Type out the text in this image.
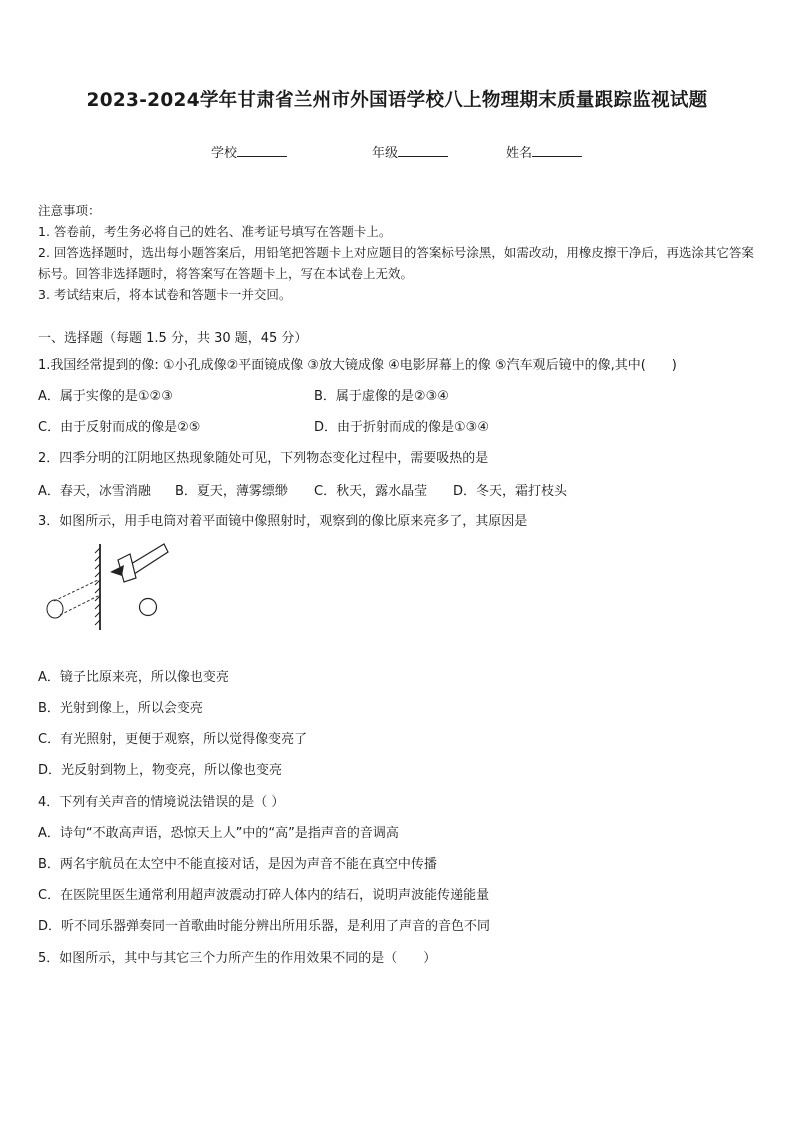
2023-2024学年甘肃省兰州市外国语学校八上物理期末质量跟踪监视试题
学校	年级	姓名

注意事项：

1. 答卷前，考生务必将自己的姓名、准考证号填写在答题卡上。

2. 回答选择题时，选出每小题答案后，用铅笔把答题卡上对应题目的答案标号涂黑，如需改动，用橡皮擦干净后，再选涂其它答案标号。回答非选择题时，将答案写在答题卡上，写在本试卷上无效。

3. 考试结束后，将本试卷和答题卡一并交回。

一、选择题（每题 1.5 分，共 30 题，45 分）
1.我国经常提到的像: ①小孔成像②平面镜成像 ③放大镜成像 ④电影屏幕上的像 ⑤汽车观后镜中的像,其中(　　)
A．属于实像的是①②③	B．属于虚像的是②③④
C．由于反射而成的像是②⑤	D．由于折射而成的像是①③④
2．四季分明的江阴地区热现象随处可见，下列物态变化过程中，需要吸热的是
A．春天，冰雪消融 B．夏天，薄雾缥缈 C．秋天，露水晶莹 D．冬天，霜打枝头
3．如图所示，用手电筒对着平面镜中像照射时，观察到的像比原来亮多了，其原因是
A．镜子比原来亮，所以像也变亮
B．光射到像上，所以会变亮
C．有光照射，更便于观察，所以觉得像变亮了
D．光反射到物上，物变亮，所以像也变亮
4．下列有关声音的情境说法错误的是（ ）
A．诗句“不敢高声语，恐惊天上人”中的“高”是指声音的音调高
B．两名宇航员在太空中不能直接对话，是因为声音不能在真空中传播
C．在医院里医生通常利用超声波震动打碎人体内的结石，说明声波能传递能量
D．听不同乐器弹奏同一首歌曲时能分辨出所用乐器，是利用了声音的音色不同
5．如图所示，其中与其它三个力所产生的作用效果不同的是（　　）
